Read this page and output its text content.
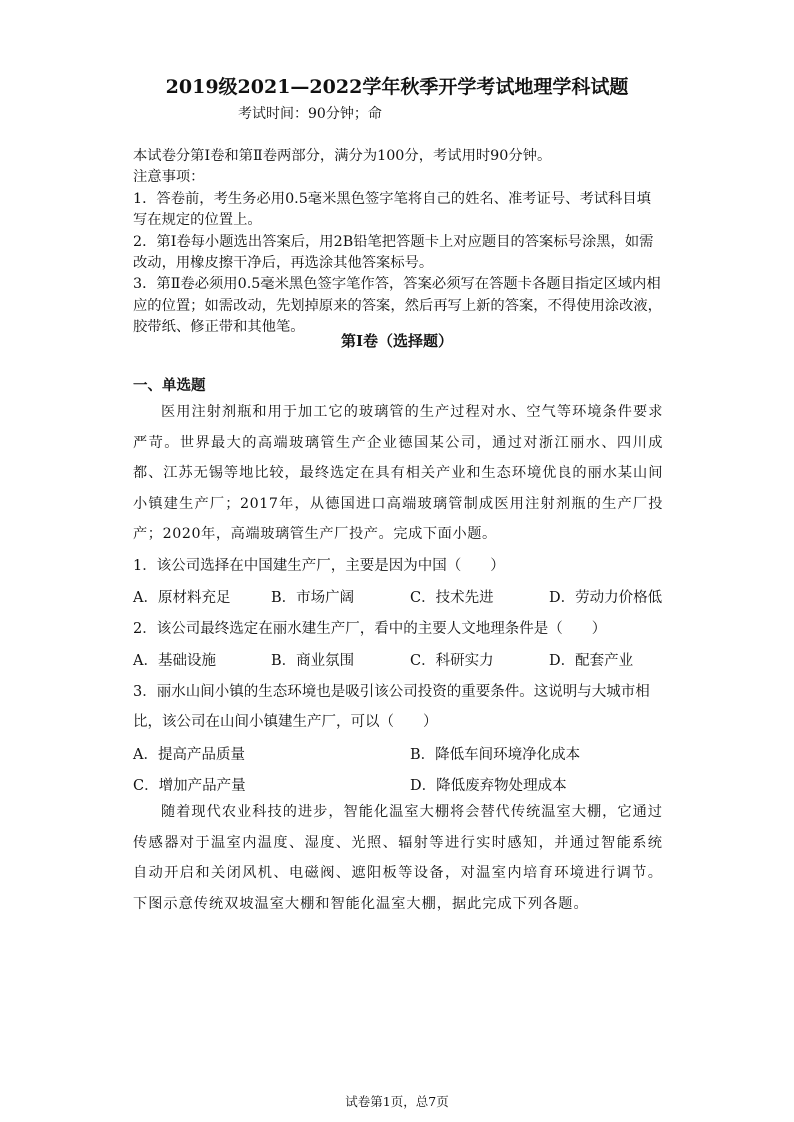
2019级2021—2022学年秋季开学考试地理学科试题
考试时间：90分钟；命
本试卷分第Ⅰ卷和第Ⅱ卷两部分，满分为100分，考试用时90分钟。
注意事项：
1．答卷前，考生务必用0.5毫米黑色签字笔将自己的姓名、准考证号、考试科目填写在规定的位置上。
2．第Ⅰ卷每小题选出答案后，用2B铅笔把答题卡上对应题目的答案标号涂黑，如需改动，用橡皮擦干净后，再选涂其他答案标号。
3．第Ⅱ卷必须用0.5毫米黑色签字笔作答，答案必须写在答题卡各题目指定区域内相应的位置；如需改动，先划掉原来的答案，然后再写上新的答案，不得使用涂改液，胶带纸、修正带和其他笔。
第Ⅰ卷（选择题）
一、单选题
医用注射剂瓶和用于加工它的玻璃管的生产过程对水、空气等环境条件要求严苛。世界最大的高端玻璃管生产企业德国某公司，通过对浙江丽水、四川成都、江苏无锡等地比较，最终选定在具有相关产业和生态环境优良的丽水某山间小镇建生产厂；2017年，从德国进口高端玻璃管制成医用注射剂瓶的生产厂投产；2020年，高端玻璃管生产厂投产。完成下面小题。
1．该公司选择在中国建生产厂，主要是因为中国（　　）
A．原材料充足	B．市场广阔	C．技术先进	D．劳动力价格低
2．该公司最终选定在丽水建生产厂，看中的主要人文地理条件是（　　）
A．基础设施	B．商业氛围	C．科研实力	D．配套产业
3．丽水山间小镇的生态环境也是吸引该公司投资的重要条件。这说明与大城市相比，该公司在山间小镇建生产厂，可以（　　）
A．提高产品质量	B．降低车间环境净化成本
C．增加产品产量	D．降低废弃物处理成本
随着现代农业科技的进步，智能化温室大棚将会替代传统温室大棚，它通过传感器对于温室内温度、湿度、光照、辐射等进行实时感知，并通过智能系统自动开启和关闭风机、电磁阀、遮阳板等设备，对温室内培育环境进行调节。下图示意传统双坡温室大棚和智能化温室大棚，据此完成下列各题。
试卷第1页，总7页
